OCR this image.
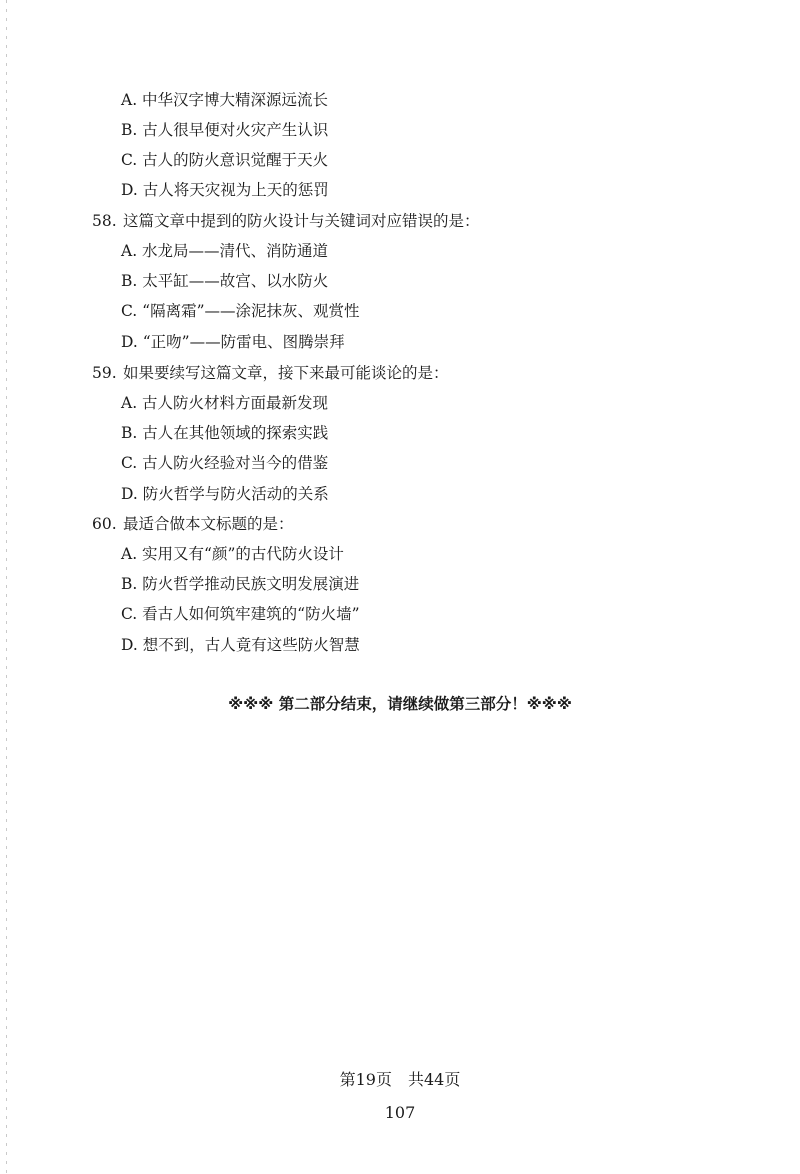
A. 中华汉字博大精深源远流长
B. 古人很早便对火灾产生认识
C. 古人的防火意识觉醒于天火
D. 古人将天灾视为上天的惩罚
58. 这篇文章中提到的防火设计与关键词对应错误的是：
A. 水龙局——清代、消防通道
B. 太平缸——故宫、以水防火
C. “隔离霜”——涂泥抹灰、观赏性
D. “正吻”——防雷电、图腾崇拜
59. 如果要续写这篇文章，接下来最可能谈论的是：
A. 古人防火材料方面最新发现
B. 古人在其他领域的探索实践
C. 古人防火经验对当今的借鉴
D. 防火哲学与防火活动的关系
60. 最适合做本文标题的是：
A. 实用又有“颜”的古代防火设计
B. 防火哲学推动民族文明发展演进
C. 看古人如何筑牢建筑的“防火墙”
D. 想不到，古人竟有这些防火智慧
※※※ 第二部分结束，请继续做第三部分！※※※
第19页　共44页
107
